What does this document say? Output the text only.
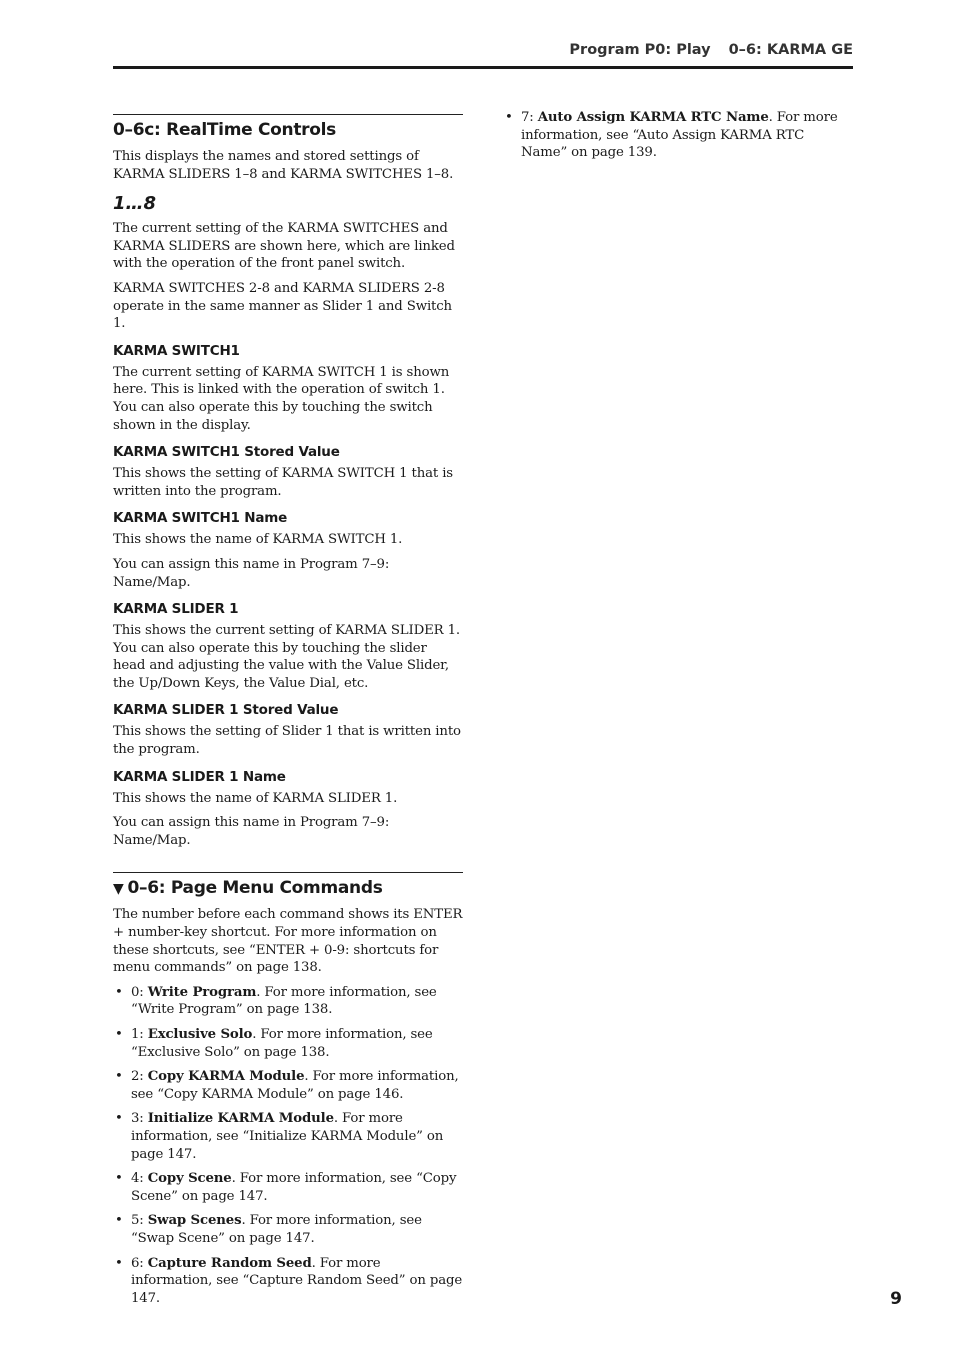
Program P0: Play 0–6: KARMA GE
0–6c: RealTime Controls

This displays the names and stored settings of KARMA SLIDERS 1–8 and KARMA SWITCHES 1–8.

1…8

The current setting of the KARMA SWITCHES and KARMA SLIDERS are shown here, which are linked with the operation of the front panel switch.

KARMA SWITCHES 2-8 and KARMA SLIDERS 2-8 operate in the same manner as Slider 1 and Switch 1.

KARMA SWITCH1

The current setting of KARMA SWITCH 1 is shown here. This is linked with the operation of switch 1. You can also operate this by touching the switch shown in the display.

KARMA SWITCH1 Stored Value

This shows the setting of KARMA SWITCH 1 that is written into the program.

KARMA SWITCH1 Name

This shows the name of KARMA SWITCH 1.

You can assign this name in Program 7–9: Name/Map.

KARMA SLIDER 1

This shows the current setting of KARMA SLIDER 1. You can also operate this by touching the slider head and adjusting the value with the Value Slider, the Up/Down Keys, the Value Dial, etc.

KARMA SLIDER 1 Stored Value

This shows the setting of Slider 1 that is written into the program.

KARMA SLIDER 1 Name

This shows the name of KARMA SLIDER 1.

You can assign this name in Program 7–9: Name/Map.

▼ 0–6: Page Menu Commands

The number before each command shows its ENTER + number-key shortcut. For more information on these shortcuts, see “ENTER + 0-9: shortcuts for menu commands” on page 138.

• 0: Write Program. For more information, see “Write Program” on page 138.
• 1: Exclusive Solo. For more information, see “Exclusive Solo” on page 138.
• 2: Copy KARMA Module. For more information, see “Copy KARMA Module” on page 146.
• 3: Initialize KARMA Module. For more information, see “Initialize KARMA Module” on page 147.
• 4: Copy Scene. For more information, see “Copy Scene” on page 147.
• 5: Swap Scenes. For more information, see “Swap Scene” on page 147.
• 6: Capture Random Seed. For more information, see “Capture Random Seed” on page 147.
• 7: Auto Assign KARMA RTC Name. For more information, see “Auto Assign KARMA RTC Name” on page 139.
9
